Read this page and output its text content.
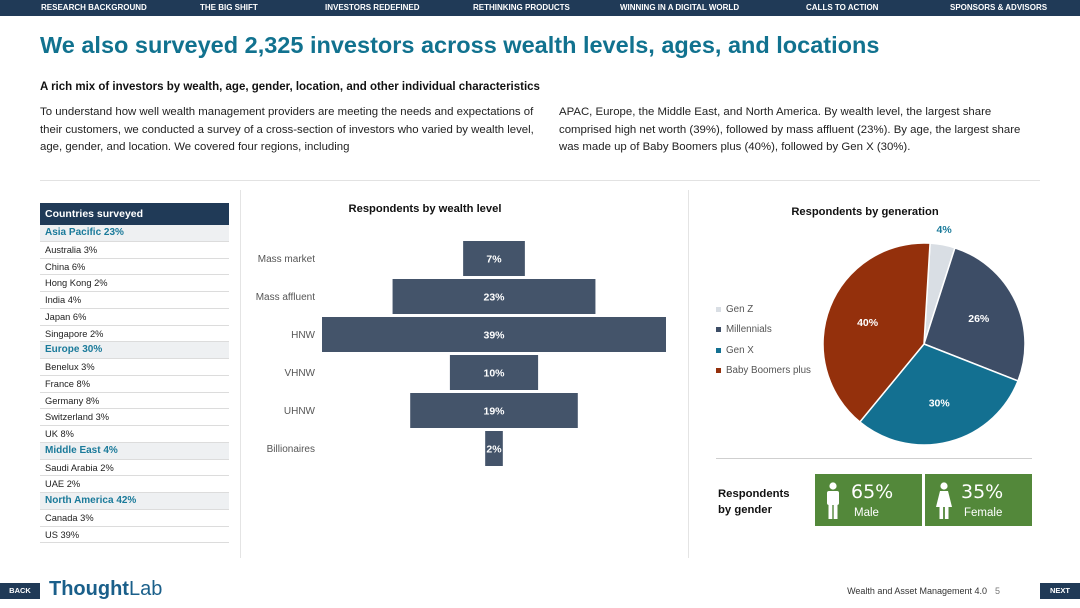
RESEARCH BACKGROUND	THE BIG SHIFT	INVESTORS REDEFINED	RETHINKING PRODUCTS	WINNING IN A DIGITAL WORLD	CALLS TO ACTION	SPONSORS & ADVISORS
We also surveyed 2,325 investors across wealth levels, ages, and locations
A rich mix of investors by wealth, age, gender, location, and other individual characteristics

To understand how well wealth management providers are meeting the needs and expectations of their customers, we conducted a survey of a cross-section of investors who varied by wealth level, age, gender, and location. We covered four regions, including

APAC, Europe, the Middle East, and North America. By wealth level, the largest share comprised high net worth (39%), followed by mass affluent (23%). By age, the largest share was made up of Baby Boomers plus (40%), followed by Gen X (30%).

Countries surveyed
Asia Pacific 23%
Australia 3%
China 6%
Hong Kong 2%
India 4%
Japan 6%
Singapore 2%
Europe 30%
Benelux 3%
France 8%
Germany 8%
Switzerland 3%
UK 8%
Middle East 4%
Saudi Arabia 2%
UAE 2%
North America 42%
Canada 3%
US 39%
Respondents by wealth level
7%
Mass market
23%
Mass affluent
39%
HNW
10%
VHNW
19%
UHNW
2%
Billionaires
Respondents by generation
Gen Z
Millennials
Gen X
Baby Boomers plus
4%
26%
30%
40%
Respondents
by gender
65%
Male
35%
Female
BACK ThoughtLab	Wealth and Asset Management 4.0 5	NEXT
